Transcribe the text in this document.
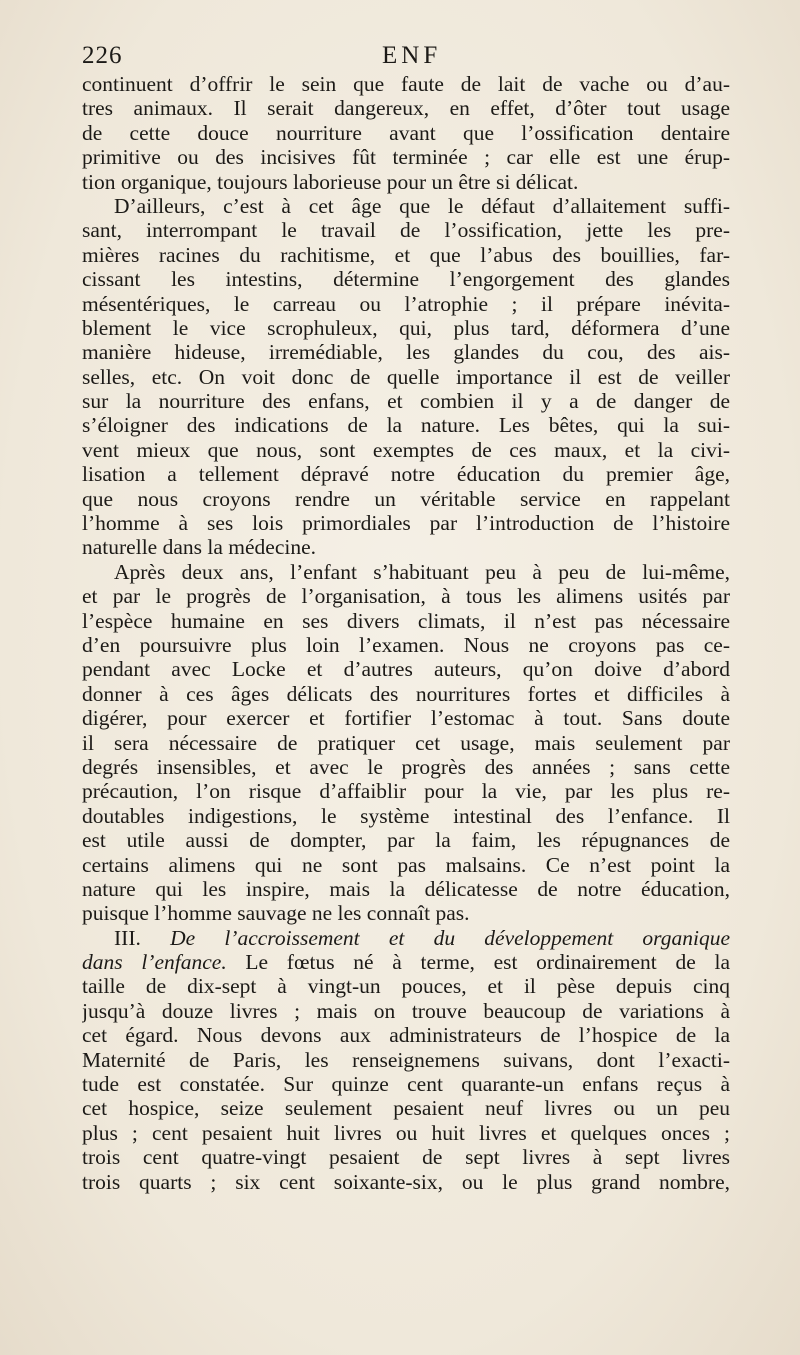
226	ENF
continuent d’offrir le sein que faute de lait de vache ou d’au-
tres animaux. Il serait dangereux, en effet, d’ôter tout usage
de cette douce nourriture avant que l’ossification dentaire
primitive ou des incisives fût terminée ; car elle est une érup-
tion organique, toujours laborieuse pour un être si délicat.
D’ailleurs, c’est à cet âge que le défaut d’allaitement suffi-
sant, interrompant le travail de l’ossification, jette les pre-
mières racines du rachitisme, et que l’abus des bouillies, far-
cissant les intestins, détermine l’engorgement des glandes
mésentériques, le carreau ou l’atrophie ; il prépare inévita-
blement le vice scrophuleux, qui, plus tard, déformera d’une
manière hideuse, irremédiable, les glandes du cou, des ais-
selles, etc. On voit donc de quelle importance il est de veiller
sur la nourriture des enfans, et combien il y a de danger de
s’éloigner des indications de la nature. Les bêtes, qui la sui-
vent mieux que nous, sont exemptes de ces maux, et la civi-
lisation a tellement dépravé notre éducation du premier âge,
que nous croyons rendre un véritable service en rappelant
l’homme à ses lois primordiales par l’introduction de l’histoire
naturelle dans la médecine.
Après deux ans, l’enfant s’habituant peu à peu de lui-même,
et par le progrès de l’organisation, à tous les alimens usités par
l’espèce humaine en ses divers climats, il n’est pas nécessaire
d’en poursuivre plus loin l’examen. Nous ne croyons pas ce-
pendant avec Locke et d’autres auteurs, qu’on doive d’abord
donner à ces âges délicats des nourritures fortes et difficiles à
digérer, pour exercer et fortifier l’estomac à tout. Sans doute
il sera nécessaire de pratiquer cet usage, mais seulement par
degrés insensibles, et avec le progrès des années ; sans cette
précaution, l’on risque d’affaiblir pour la vie, par les plus re-
doutables indigestions, le système intestinal des l’enfance. Il
est utile aussi de dompter, par la faim, les répugnances de
certains alimens qui ne sont pas malsains. Ce n’est point la
nature qui les inspire, mais la délicatesse de notre éducation,
puisque l’homme sauvage ne les connaît pas.
III. De l’accroissement et du développement organique
dans l’enfance. Le fœtus né à terme, est ordinairement de la
taille de dix-sept à vingt-un pouces, et il pèse depuis cinq
jusqu’à douze livres ; mais on trouve beaucoup de variations à
cet égard. Nous devons aux administrateurs de l’hospice de la
Maternité de Paris, les renseignemens suivans, dont l’exacti-
tude est constatée. Sur quinze cent quarante-un enfans reçus à
cet hospice, seize seulement pesaient neuf livres ou un peu
plus ; cent pesaient huit livres ou huit livres et quelques onces ;
trois cent quatre-vingt pesaient de sept livres à sept livres
trois quarts ; six cent soixante-six, ou le plus grand nombre,
